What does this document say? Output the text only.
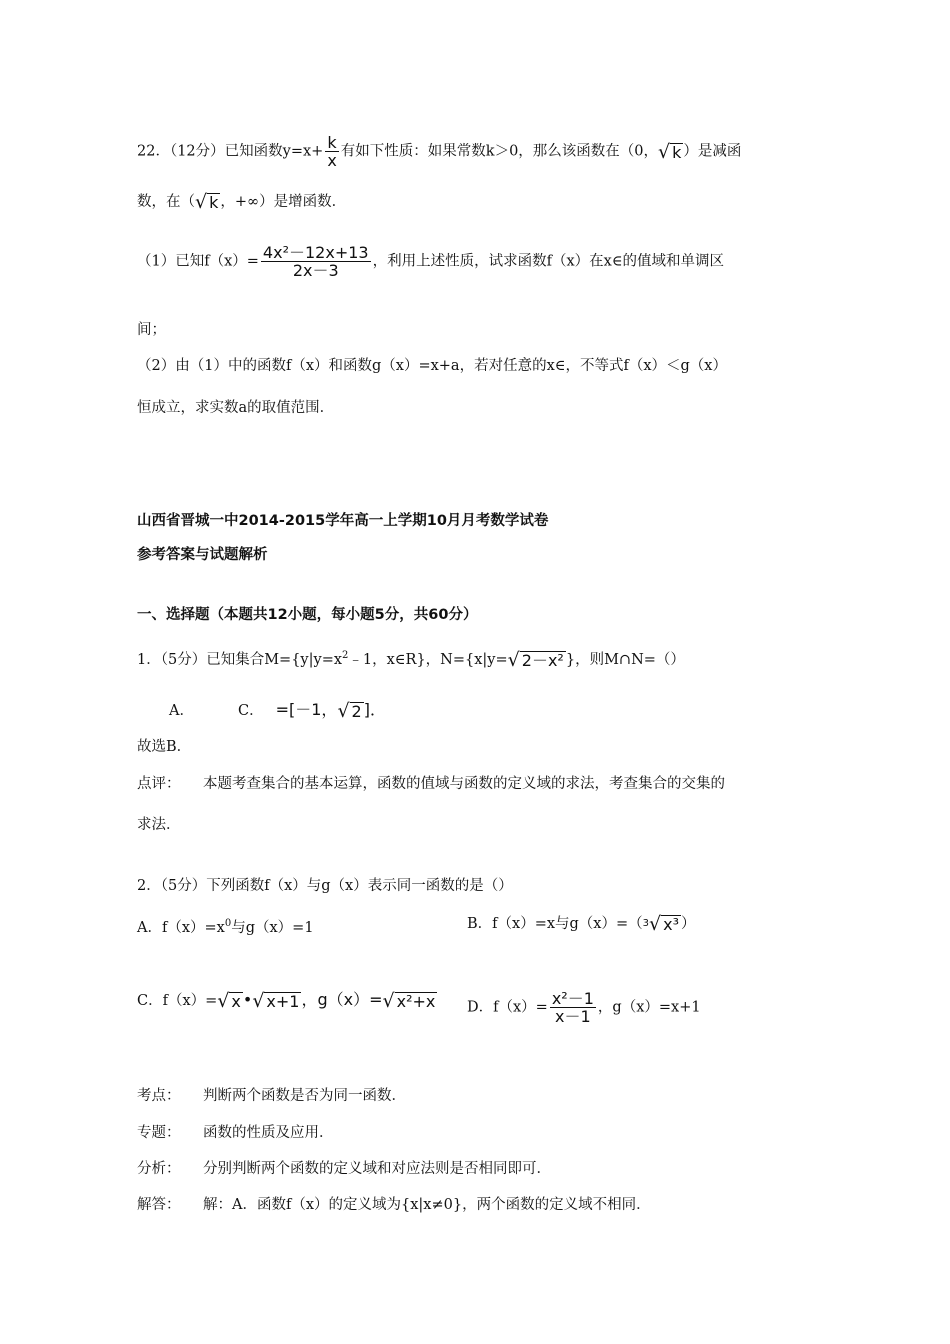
22．（12分）已知函数$y=x+ \frac{k}{x}$ 有如下性质：如果常数k＞0，那么该函数在（0， √ k ）是减函
数，在（ √ k ，+∞）是增函数．
（1）已知$f(x)= \frac{\text{4x²－12x+13}}{2x-3}$ ，利用上述性质，试求函数f（x）在x∈的值域和单调区
间；
（2）由（1）中的函数f（x）和函数g（x）=x+a，若对任意的x∈，不等式f（x）＜g（x）
恒成立，求实数a的取值范围．
山西省晋城一中2014-2015学年高一上学期10月月考数学试卷
参考答案与试题解析
一、选择题（本题共12小题，每小题5分，共60分）
1．（5分）已知集合$M=\{y|y=x^2﹣1$，x∈R}，N={x|y= √ 2－x² }，则M∩N=（）
A．	C． =[－1， √ 2 ]．
故选B．
点评： 本题考查集合的基本运算，函数的值域与函数的定义域的求法，考查集合的交集的
求法．
2．（5分）下列函数f（x）与g（x）表示同一函数的是（）
A．$f(x)=x^0$与g（x）=1	B．f（x）=x与g（x）=（ 3 √ x³ ）
C．f（x）= √ x • √ x+1 ，g（x）= √ x²+x D．$f(x)= \frac{\text{x²－1}}{x-1}$ ，g（x）=x+1
考点： 判断两个函数是否为同一函数．
专题： 函数的性质及应用．
分析： 分别判断两个函数的定义域和对应法则是否相同即可．
解答： 解：A．函数f（x）的定义域为{x|x≠0}，两个函数的定义域不相同．
